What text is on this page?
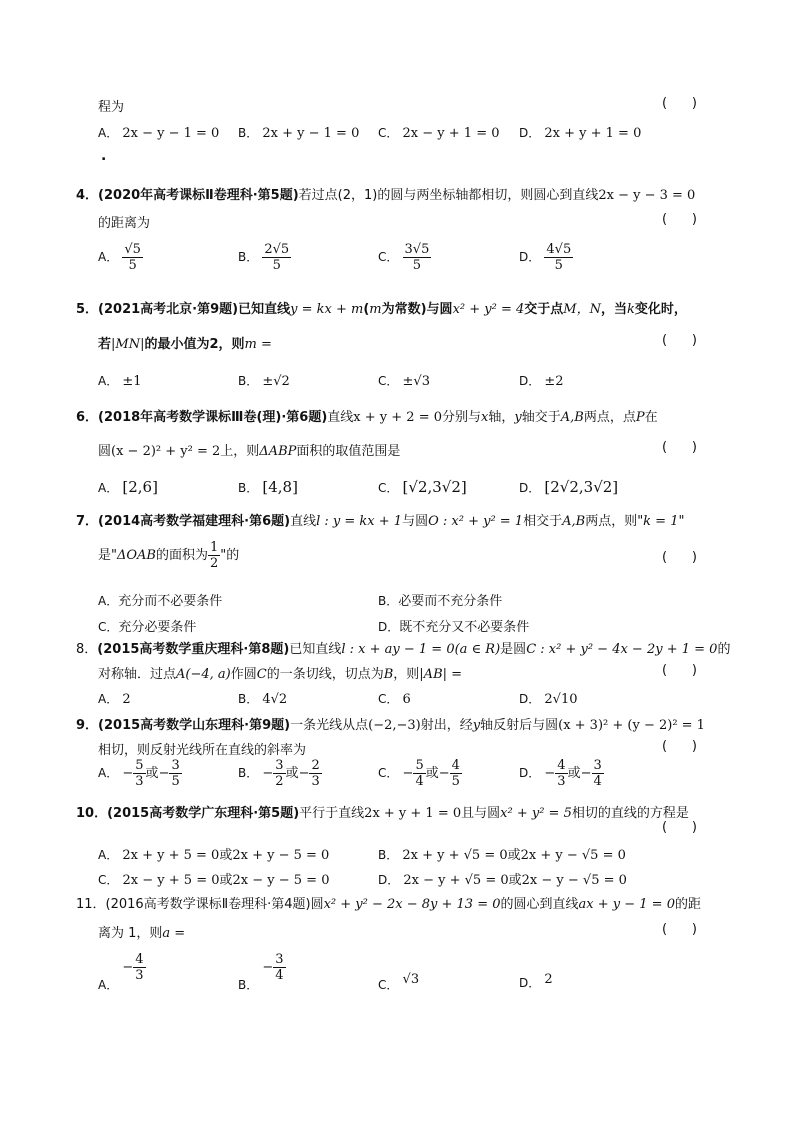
程为	(      )
A． 2x − y − 1 = 0 B． 2x + y − 1 = 0 C． 2x − y + 1 = 0 D． 2x + y + 1 = 0
.
4．(2020年高考课标Ⅱ卷理科·第5题)若过点(2，1)的圆与两坐标轴都相切，则圆心到直线2x − y − 3 = 0
的距离为	(      )
A． $\frac{√5}{5}$	B． $\frac{2√5}{5}$	C． $\frac{3√5}{5}$	D． $\frac{4√5}{5}$
5．(2021高考北京·第9题)已知直线y = kx + m(m为常数)与圆x² + y² = 4交于点M，N，当k变化时，
若|MN|的最小值为2，则m =	(      )
A． ±1	B． ±√2	C． ±√3	D． ±2
6．(2018年高考数学课标Ⅲ卷(理)·第6题)直线x + y + 2 = 0分别与x轴，y轴交于A,B两点，点P在
圆(x − 2)² + y² = 2上，则ΔABP面积的取值范围是	(      )
A． [2,6]	B． [4,8]	C． [√2,3√2]	D． [2√2,3√2]
7．(2014高考数学福建理科·第6题)直线l : y = kx + 1与圆O : x² + y² = 1相交于A,B两点，则"k = 1"
是"ΔOAB的面积为 $\frac{1}{2}$ "的	(      )
A．充分而不必要条件	B．必要而不充分条件
C．充分必要条件	D．既不充分又不必要条件
8．(2015高考数学重庆理科·第8题)已知直线l : x + ay − 1 = 0(a ∈ R)是圆C : x² + y² − 4x − 2y + 1 = 0的
对称轴．过点A(−4, a)作圆C的一条切线，切点为B，则|AB| =	(      )
A． 2	B． 4√2	C． 6	D． 2√10
9．(2015高考数学山东理科·第9题)一条光线从点(−2,−3)射出，经y轴反射后与圆(x + 3)² + (y − 2)² = 1
相切，则反射光线所在直线的斜率为	(      )
A． − $\frac{5}{3}$ 或− $\frac{3}{5}$	B． − $\frac{3}{2}$ 或− $\frac{2}{3}$	C． − $\frac{5}{4}$ 或− $\frac{4}{5}$	D． − $\frac{4}{3}$ 或− $\frac{3}{4}$
10．(2015高考数学广东理科·第5题)平行于直线2x + y + 1 = 0且与圆x² + y² = 5相切的直线的方程是
(      )
A． 2x + y + 5 = 0或2x + y − 5 = 0	B． 2x + y + √5 = 0或2x + y − √5 = 0
C． 2x − y + 5 = 0或2x − y − 5 = 0	D． 2x − y + √5 = 0或2x − y − √5 = 0
11．(2016高考数学课标Ⅱ卷理科·第4题)圆x² + y² − 2x − 8y + 13 = 0的圆心到直线ax + y − 1 = 0的距
离为 1，则a =	(      )
A． − $\frac{4}{3}$
B． − $\frac{3}{4}$
C． √3	D． 2
